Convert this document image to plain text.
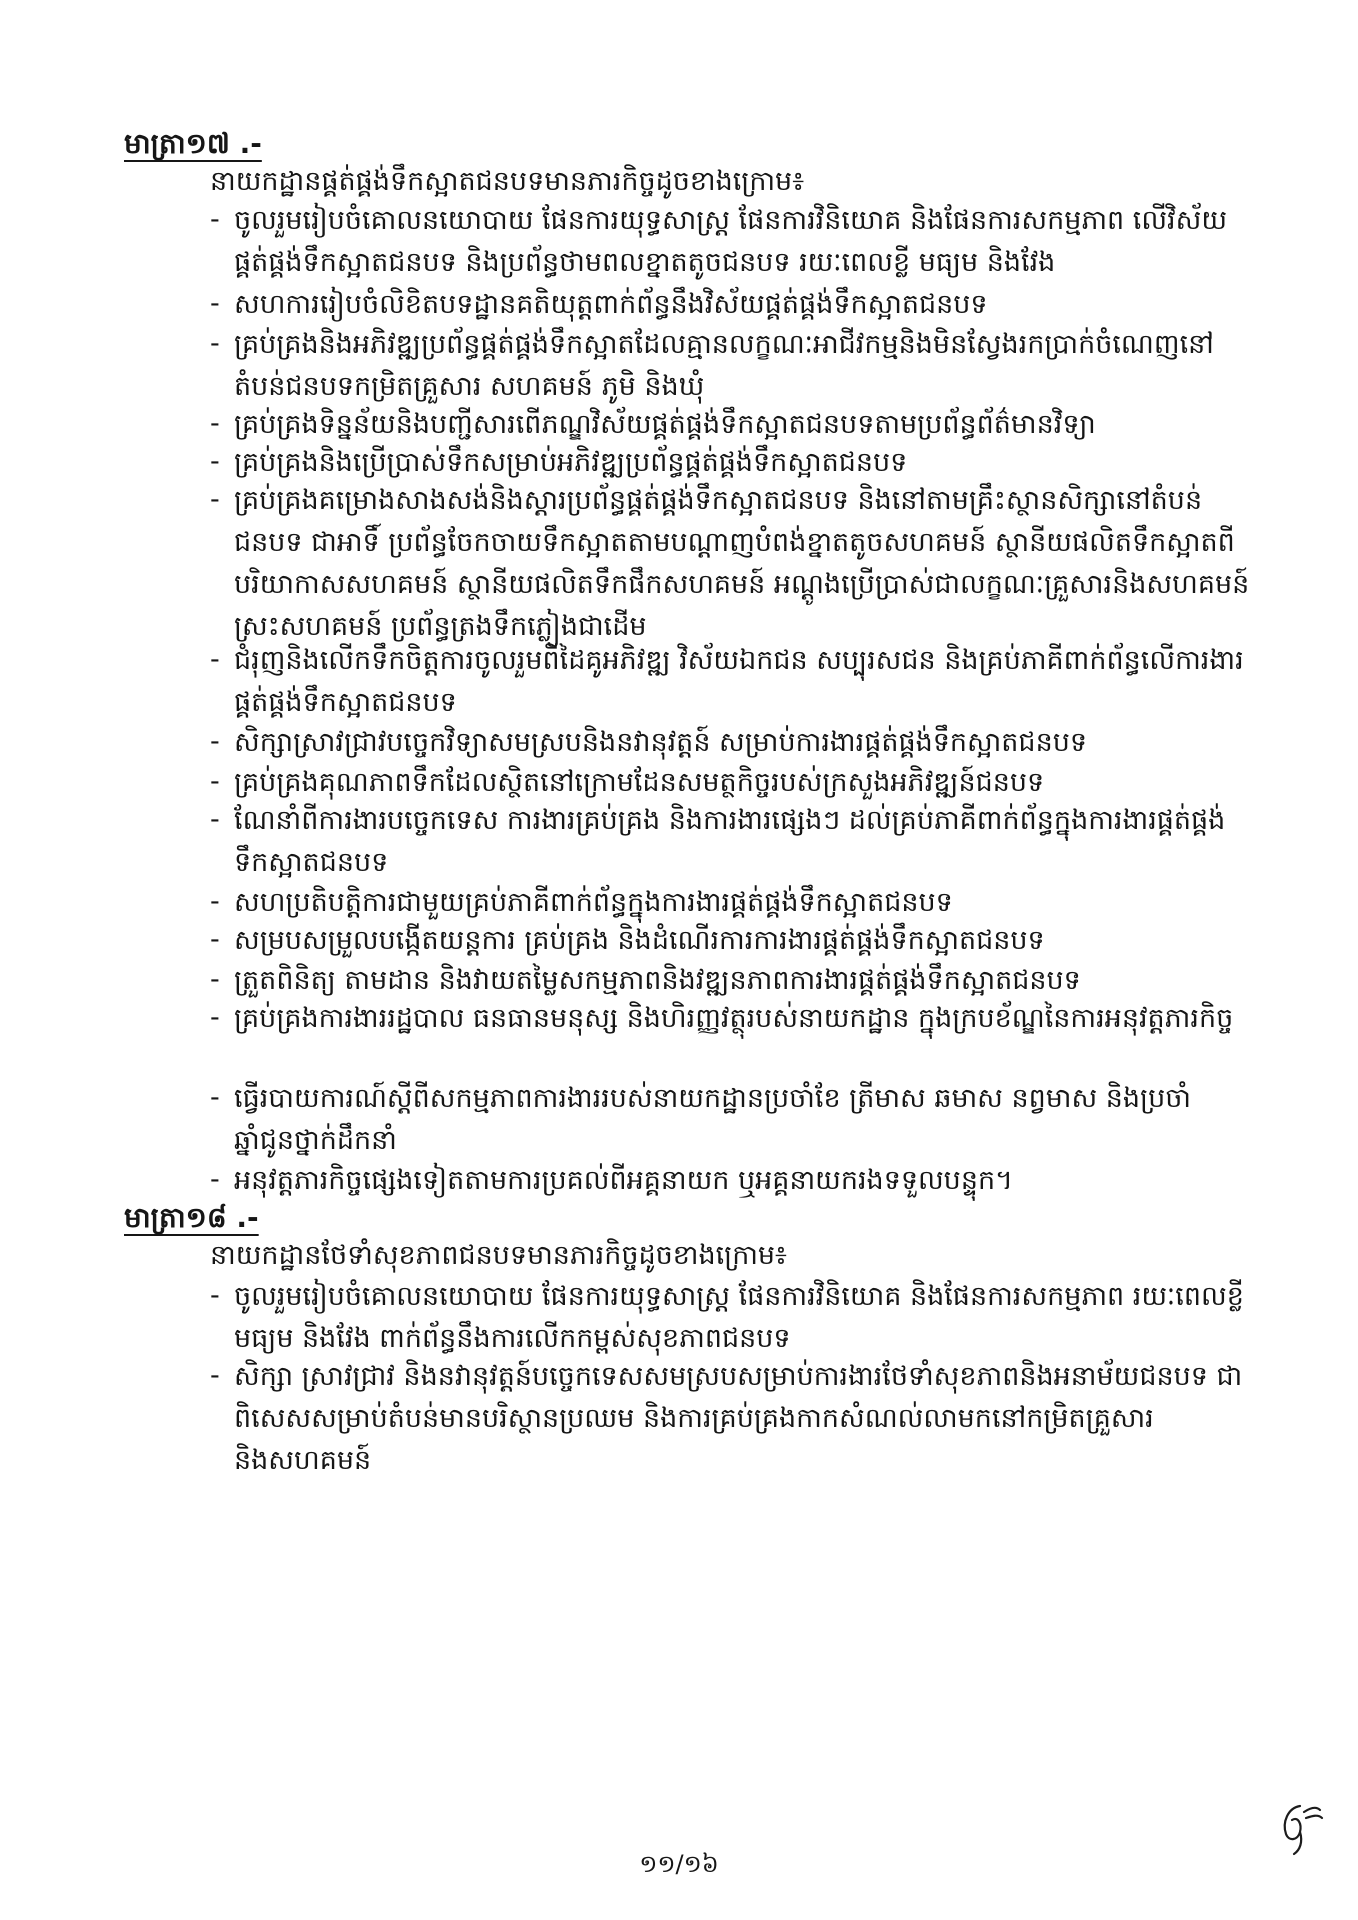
មាត្រា១៧ .-
នាយកដ្ឋានផ្គត់ផ្គង់ទឹកស្អាតជនបទមានភារកិច្ចដូចខាងក្រោម៖
- ចូលរួមរៀបចំគោលនយោបាយ ផែនការយុទ្ធសាស្ត្រ ផែនការវិនិយោគ និងផែនការសកម្មភាព លើវិស័យផ្គត់ផ្គង់ទឹកស្អាតជនបទ និងប្រព័ន្ធថាមពលខ្នាតតូចជនបទ រយៈពេលខ្លី មធ្យម និងវែង
- សហការរៀបចំលិខិតបទដ្ឋានគតិយុត្តពាក់ព័ន្ធនឹងវិស័យផ្គត់ផ្គង់ទឹកស្អាតជនបទ
- គ្រប់គ្រងនិងអភិវឌ្ឍប្រព័ន្ធផ្គត់ផ្គង់ទឹកស្អាតដែលគ្មានលក្ខណៈអាជីវកម្មនិងមិនស្វែងរកប្រាក់ចំណេញនៅតំបន់ជនបទកម្រិតគ្រួសារ សហគមន៍ ភូមិ និងឃុំ
- គ្រប់គ្រងទិន្នន័យនិងបញ្ជីសារពើភណ្ឌវិស័យផ្គត់ផ្គង់ទឹកស្អាតជនបទតាមប្រព័ន្ធព័ត៌មានវិទ្យា
- គ្រប់គ្រងនិងប្រើប្រាស់ទឹកសម្រាប់អភិវឌ្ឍប្រព័ន្ធផ្គត់ផ្គង់ទឹកស្អាតជនបទ
- គ្រប់គ្រងគម្រោងសាងសង់និងស្តារប្រព័ន្ធផ្គត់ផ្គង់ទឹកស្អាតជនបទ និងនៅតាមគ្រឹះស្ថានសិក្សានៅតំបន់ជនបទ ជាអាទិ៍ ប្រព័ន្ធចែកចាយទឹកស្អាតតាមបណ្តាញបំពង់ខ្នាតតូចសហគមន៍ ស្ថានីយផលិតទឹកស្អាតពីបរិយាកាសសហគមន៍ ស្ថានីយផលិតទឹកផឹកសហគមន៍ អណ្តូងប្រើប្រាស់ជាលក្ខណៈគ្រួសារនិងសហគមន៍ ស្រះសហគមន៍ ប្រព័ន្ធត្រងទឹកភ្លៀងជាដើម
- ជំរុញនិងលើកទឹកចិត្តការចូលរួមពីដៃគូអភិវឌ្ឍ វិស័យឯកជន សប្បុរសជន និងគ្រប់ភាគីពាក់ព័ន្ធលើការងារផ្គត់ផ្គង់ទឹកស្អាតជនបទ
- សិក្សាស្រាវជ្រាវបច្ចេកវិទ្យាសមស្របនិងនវានុវត្តន៍ សម្រាប់ការងារផ្គត់ផ្គង់ទឹកស្អាតជនបទ
- គ្រប់គ្រងគុណភាពទឹកដែលស្ថិតនៅក្រោមដែនសមត្ថកិច្ចរបស់ក្រសួងអភិវឌ្ឍន៍ជនបទ
- ណែនាំពីការងារបច្ចេកទេស ការងារគ្រប់គ្រង និងការងារផ្សេងៗ ដល់គ្រប់ភាគីពាក់ព័ន្ធក្នុងការងារផ្គត់ផ្គង់ទឹកស្អាតជនបទ
- សហប្រតិបត្តិការជាមួយគ្រប់ភាគីពាក់ព័ន្ធក្នុងការងារផ្គត់ផ្គង់ទឹកស្អាតជនបទ
- សម្របសម្រួលបង្កើតយន្តការ គ្រប់គ្រង និងដំណើរការការងារផ្គត់ផ្គង់ទឹកស្អាតជនបទ
- ត្រួតពិនិត្យ តាមដាន និងវាយតម្លៃសកម្មភាពនិងវឌ្ឍនភាពការងារផ្គត់ផ្គង់ទឹកស្អាតជនបទ
- គ្រប់គ្រងការងាររដ្ឋបាល ធនធានមនុស្ស និងហិរញ្ញវត្ថុរបស់នាយកដ្ឋាន ក្នុងក្របខ័ណ្ឌនៃការអនុវត្តភារកិច្ច
- ធ្វើរបាយការណ៍ស្តីពីសកម្មភាពការងាររបស់នាយកដ្ឋានប្រចាំខែ ត្រីមាស ឆមាស នព្វមាស និងប្រចាំឆ្នាំជូនថ្នាក់ដឹកនាំ
- អនុវត្តភារកិច្ចផ្សេងទៀតតាមការប្រគល់ពីអគ្គនាយក ឬអគ្គនាយករងទទួលបន្ទុក។
មាត្រា១៨ .-
នាយកដ្ឋានថែទាំសុខភាពជនបទមានភារកិច្ចដូចខាងក្រោម៖
- ចូលរួមរៀបចំគោលនយោបាយ ផែនការយុទ្ធសាស្ត្រ ផែនការវិនិយោគ និងផែនការសកម្មភាព រយៈពេលខ្លី មធ្យម និងវែង ពាក់ព័ន្ធនឹងការលើកកម្ពស់សុខភាពជនបទ
- សិក្សា ស្រាវជ្រាវ និងនវានុវត្តន៍បច្ចេកទេសសមស្របសម្រាប់ការងារថែទាំសុខភាពនិងអនាម័យជនបទ ជាពិសេសសម្រាប់តំបន់មានបរិស្ថានប្រឈម និងការគ្រប់គ្រងកាកសំណល់លាមកនៅកម្រិតគ្រួសារនិងសហគមន៍
១១/១៦
